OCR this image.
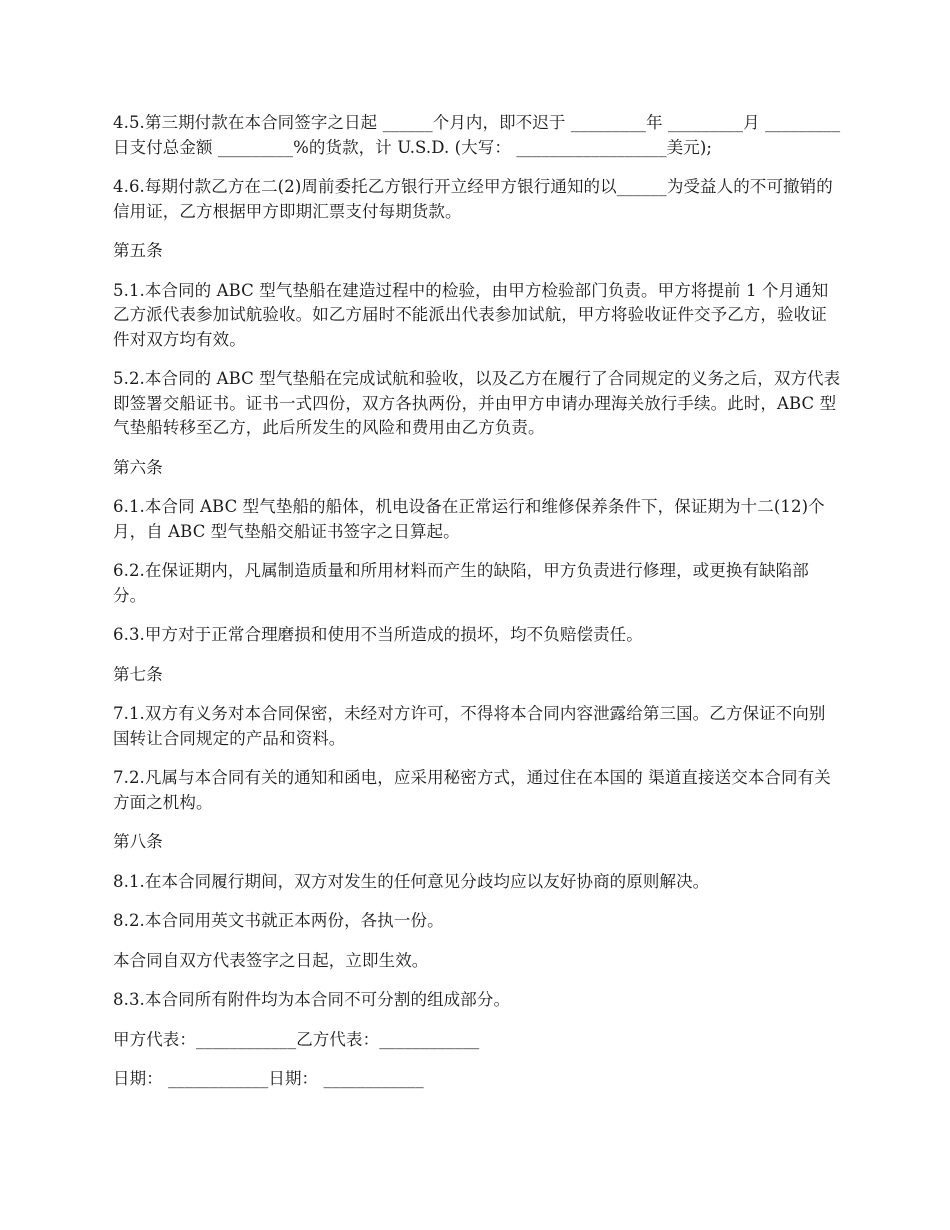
4.5.第三期付款在本合同签字之日起 ______个月内，即不迟于 _________年 _________月 _________日支付总金额 _________%的货款，计 U.S.D. (大写： __________________美元);

4.6.每期付款乙方在二(2)周前委托乙方银行开立经甲方银行通知的以______为受益人的不可撤销的信用证，乙方根据甲方即期汇票支付每期货款。

第五条

5.1.本合同的 ABC 型气垫船在建造过程中的检验，由甲方检验部门负责。甲方将提前 1 个月通知乙方派代表参加试航验收。如乙方届时不能派出代表参加试航，甲方将验收证件交予乙方，验收证件对双方均有效。

5.2.本合同的 ABC 型气垫船在完成试航和验收，以及乙方在履行了合同规定的义务之后，双方代表即签署交船证书。证书一式四份，双方各执两份，并由甲方申请办理海关放行手续。此时，ABC 型气垫船转移至乙方，此后所发生的风险和费用由乙方负责。

第六条

6.1.本合同 ABC 型气垫船的船体，机电设备在正常运行和维修保养条件下，保证期为十二(12)个月，自 ABC 型气垫船交船证书签字之日算起。

6.2.在保证期内，凡属制造质量和所用材料而产生的缺陷，甲方负责进行修理，或更换有缺陷部分。

6.3.甲方对于正常合理磨损和使用不当所造成的损坏，均不负赔偿责任。

第七条

7.1.双方有义务对本合同保密，未经对方许可，不得将本合同内容泄露给第三国。乙方保证不向别国转让合同规定的产品和资料。

7.2.凡属与本合同有关的通知和函电，应采用秘密方式，通过住在本国的 渠道直接送交本合同有关方面之机构。

第八条

8.1.在本合同履行期间，双方对发生的任何意见分歧均应以友好协商的原则解决。

8.2.本合同用英文书就正本两份，各执一份。

本合同自双方代表签字之日起，立即生效。

8.3.本合同所有附件均为本合同不可分割的组成部分。

甲方代表：____________乙方代表：____________

日期： ____________日期： ____________
